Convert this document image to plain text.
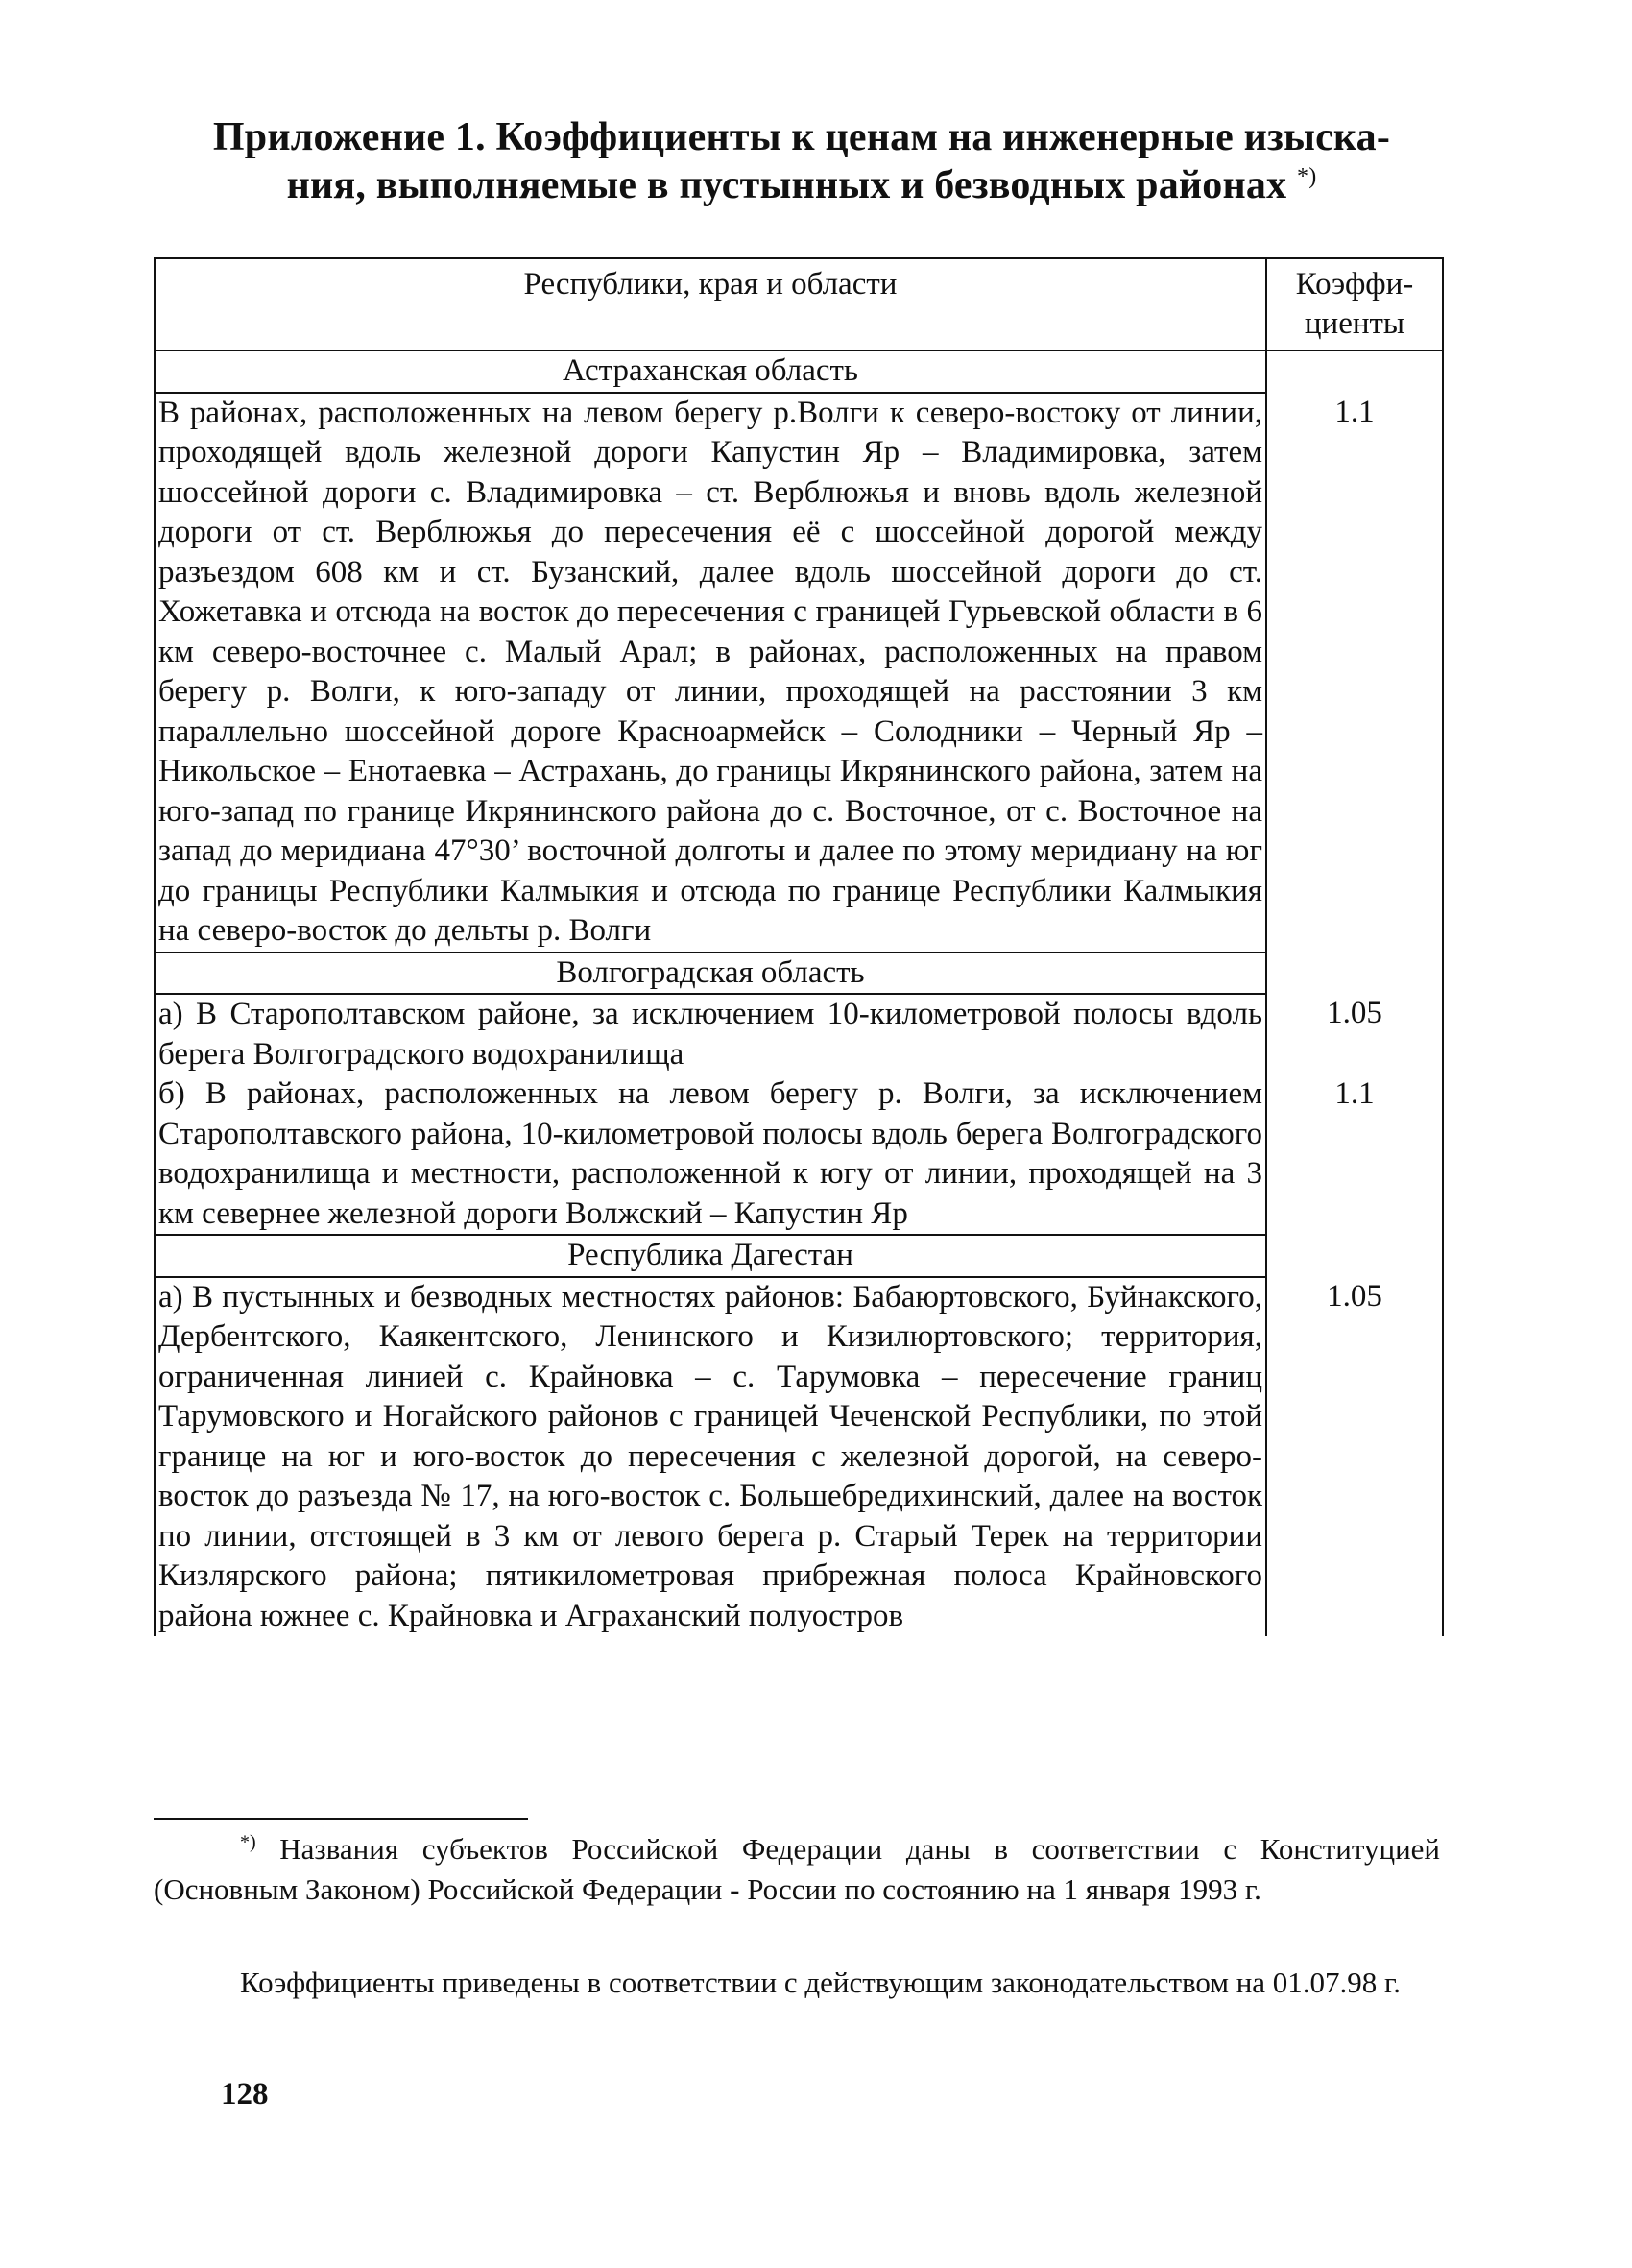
Приложение 1. Коэффициенты к ценам на инженерные изыска-
ния, выполняемые в пустынных и безводных районах *)
Республики, края и области	Коэффи-
циенты
Астраханская область	
В районах, расположенных на левом берегу р.Волги к северо-востоку от линии, проходящей вдоль железной дороги Капустин Яр – Владимировка, затем шоссейной дороги с. Владимировка – ст. Верблюжья и вновь вдоль железной дороги от ст. Верблюжья до пересечения её с шоссейной дорогой между разъездом 608 км и ст. Бузанский, далее вдоль шоссейной дороги до ст. Хожетавка и отсюда на восток до пересечения с границей Гурьевской области в 6 км северо-восточнее с. Малый Арал; в районах, расположенных на правом берегу р. Волги, к юго-западу от линии, проходящей на расстоянии 3 км параллельно шоссейной дороге Красноармейск – Солодники – Черный Яр – Никольское – Енотаевка – Астрахань, до границы Икрянинского района, затем на юго-запад по границе Икрянинского района до с. Восточное, от с. Восточное на запад до меридиана 47°30’ восточной долготы и далее по этому меридиану на юг до границы Республики Калмыкия и отсюда по границе Республики Калмыкия на северо-восток до дельты р. Волги	1.1
Волгоградская область	
а) В Старополтавском районе, за исключением 10-километровой полосы вдоль берега Волгоградского водохранилища	1.05
б) В районах, расположенных на левом берегу р. Волги, за исключением Старополтавского района, 10-километровой полосы вдоль берега Волгоградского водохранилища и местности, расположенной к югу от линии, проходящей на 3 км севернее железной дороги Волжский – Капустин Яр	1.1
Республика Дагестан	
а) В пустынных и безводных местностях районов: Бабаюртовского, Буйнакского, Дербентского, Каякентского, Ленинского и Кизилюртовского; территория, ограниченная линией с. Крайновка – с. Тарумовка – пересечение границ Тарумовского и Ногайского районов с границей Чеченской Республики, по этой границе на юг и юго-восток до пересечения с железной дорогой, на северо-восток до разъезда № 17, на юго-восток с. Большебредихинский, далее на восток по линии, отстоящей в 3 км от левого берега р. Старый Терек на территории Кизлярского района; пятикилометровая прибрежная полоса Крайновского района южнее с. Крайновка и Аграханский полуостров	1.05
*) Названия субъектов Российской Федерации даны в соответствии с Конституцией (Основным Законом) Российской Федерации - России по состоянию на 1 января 1993 г.
Коэффициенты приведены в соответствии с действующим законодательством на 01.07.98 г.
128
